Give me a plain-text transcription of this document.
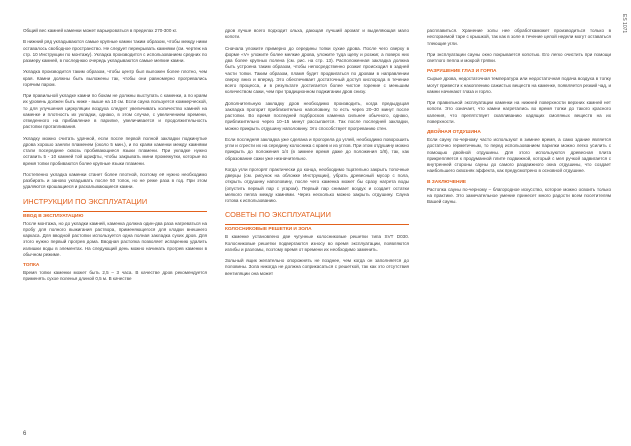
ES 1071

Общий вес камней каменки может варьироваться в пределах 270-300 кг.

В нижний ряд укладываются самые крупные камни таким образом, чтобы между ними оставалось свободное пространство. Не следует перекрывать камнями (см. чертеж на стр. 10 Инструкции по монтажу). Укладка производится с использованием средних по размеру камней, в последнюю очередь укладываются самые мелкие камни.

Укладка производится таким образом, чтобы центр был выложен более плотно, чем края. Камни должны быть выложены так, чтобы они равномерно прогревались горячим паром.

При правильной укладке камни по бокам не должны выступать с каменки, а по краям их уровень должен быть ниже - выше на 10 см. Если сауна пользуется коммерческой, то для улучшения циркуляции воздуха следует увеличивать количество камней на каменке и плотность их укладки, однако, в этом случае, с увеличением времени, отведенного на прибавление в парилке, увеличивается и продолжительность растопки протапливания.

Укладку можно считать удачной, если после первой полной закладки подкинутые дрова хорошо заняли пламенем (около 5 мин.), и по краям каменки между камнями стали посередине сквозь пробивающиеся языки пламени. При укладке нужно оставить 5 - 10 камней той шрифты, чтобы закрывать мини промежутки, которые во время топки пробиваются более крупные языки пламени.

Постепенно укладка каменки станет более плотной, поэтому её нужно необходимо разбирать и заново укладывать после 50 топок, но не реже раза в год. При этом удаляются крошащиеся и раскалывающиеся камни.

ИНСТРУКЦИИ ПО ЭКСПЛУАТАЦИИ
ВВОД В ЭКСПЛУАТАЦИЮ

После монтажа, но до укладки камней, каменка должна один-два раза нагреваться на пробу для полного выжигания раствора, применяющегося для кладки внешнего каркаса. Для вводной растопки используется одна полная закладка сухих дров. Для этого нужно первый прогрев дома. Вводная растопка позволяет испарению удалить излишки воды в элементах. На следующий день можно начинать прогрев каменки в обычном режиме.

ТОПКА

Время топки каменки может быть 2,5 – 3 часа. В качестве дров рекомендуется применять сухое поленья длиной 0,5 м. В качестве

дров лучше всего подходит ольха, дающая лучший аромат и выделяющая мало копоти.

Сначала уложите примерно до середины топки сухие дрова. После чего сверху в форме «V» уложите более мелкие дрова, уложите туда щепу и розжиг, а поверх них два более крупных полена (см. рис. на стр. 13). Расположенная закладка должна быть устроена таким образом, чтобы непосредственно розжиг происходил в задней части топки. Таким образом, пламя будет продвигаться по дровам в направлении сверху вниз и вперед. Это обеспечивает достаточный доступ кислорода в течение всего процесса, и в результате достигается более чистое горение с меньшим количеством сажи, чем при традиционном поджигании дров снизу.

Дополнительную закладку дров необходимо производить, когда предыдущая закладка прогорит приблизительно наполовину, то есть через 20–30 минут после растопки. Во время последней подбросков каменка сильнее обычного, однако, приблизительно через 10–15 минут рассыпается. Так после последней закладки, можно прикрыть отдушину наполовину. Это способствует прогреванию стен.

Если последняя закладка уже сделана и прогорела до углей, необходимо поворошить угли и сгрести их на середину колосника с краев и из углов. При этом отдушину можно прикрыть до положения 1/4 (в зимнее время даже до положения 1/8), так, как образование сажи уже незначительно.

Когда угли прогорят практически до конца, необходимо тщательно закрыть топочные дверцы (см. рисунок на обложке Инструкции), убрать древесный мусор с пола, открыть отдушину наполовину, после чего каменка может бы сразу нагрета воды (опустить первый пар с угаром). Первый пар снимает воздух и создает остатки мелкого пепла между камнями. Через несколько можно закрыть отдушину. Сауна готова к использованию.

СОВЕТЫ ПО ЭКСПЛУАТАЦИИ
КОЛОСНИКОВЫЕ РЕШЕТКИ И ЗОЛА

В каменке установлено две чугунные колосниковые решетки типа SVT D030. Колосниковые решетки подвергаются износу во время эксплуатации, появляются изгибы и разломы, поэтому время от времени их необходимо заменить.

Зольный ящик желательно опорожнять не позднее, чем когда он заполняется до половины. Зола никогда не должна соприкасаться с решеткой, так как это отсутствия вентиляции она может

расплавиться. Хранение золы нее обработкаможет производиться только в несгораемой таре с крышкой, так как в золе в течение целой недели могут оставаться тлеющие угли.

При эксплуатации сауны окно покрывается копотью. Его легко очистить при помощи светлого пепла и мокрой тряпки.

РАЗРУШЕНИЕ ГЛАЗ И ГОРЛА

Сырые дрова, недостаточная температура или недостаточная подача воздуха в топку могут привести к накоплению сажистых веществ на каменке, появляется резкий чад, и камни начинают глаза и горло.

При правильной эксплуатации каменки на нижней поверхности верхних камней нет копоти. Это означает, что камни нагретались во время топки до такого красного каления, что препятствует скапливанию кадящих смоляных веществ на их поверхности.

ДВОЙНАЯ ОТДУШИНА

Если сауну по-черному часто используют в зимнее время, а само здание является достаточно герметичным, то перед использованием парилки можно легко усилить с помощью двойной отдушины. Для этого используются древесная плита прикрепляется к продуманной плите подвижной, который с мел ручкой задвигается с внутренней стороны сауны до самого раздвижного окна отдушины, что создает наибольшего сквозняк эффекта, как предусмотрено в основной отдушине.

В ЗАКЛЮЧЕНИЕ

Растопка сауны по-черному – благородное искусство, которое можно освоить только на практике. Это замечательное умение принесет много радости всем посетителям Вашей сауны.

6
